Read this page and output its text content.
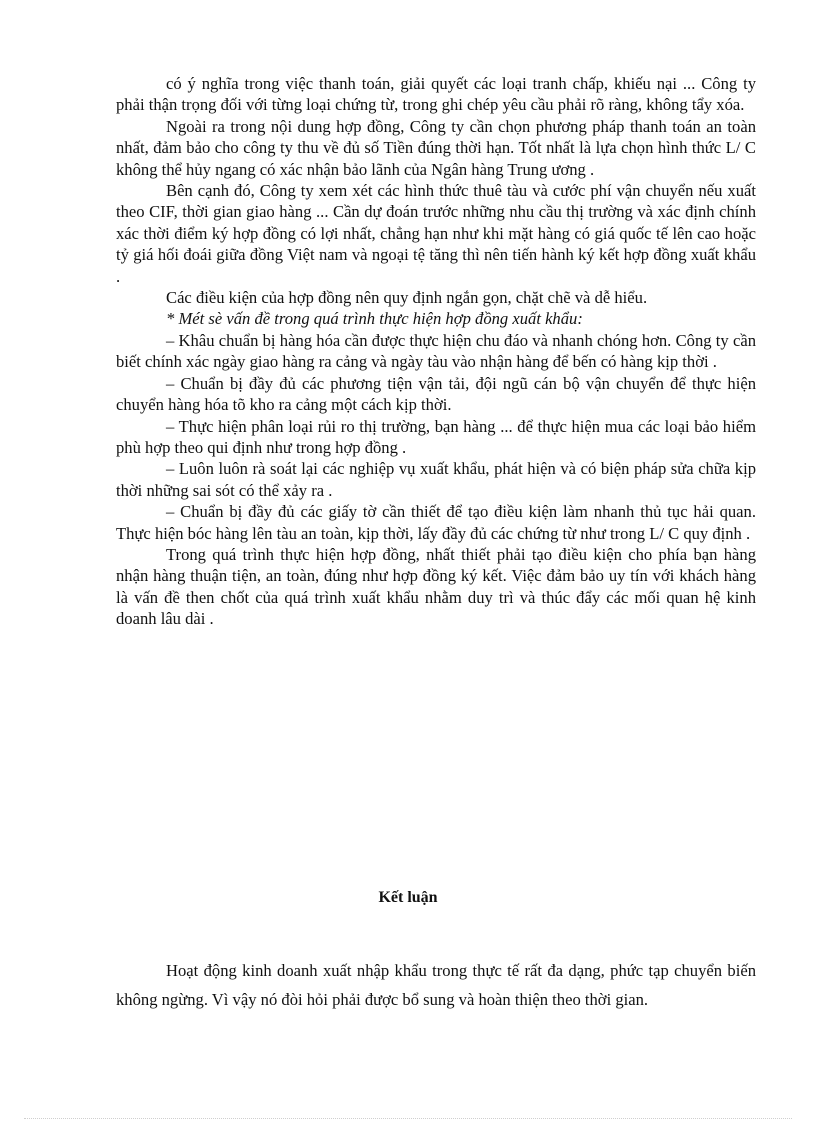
có ý nghĩa trong việc thanh toán, giải quyết các loại tranh chấp, khiếu nại ... Công ty phải thận trọng đối với từng loại chứng từ, trong ghi chép yêu cầu phải rõ ràng, không tẩy xóa.

Ngoài ra trong nội dung hợp đồng, Công ty cần chọn phương pháp thanh toán an toàn nhất, đảm bảo cho công ty thu về đủ số Tiền đúng thời hạn. Tốt nhất là lựa chọn hình thức L/ C không thể hủy ngang có xác nhận bảo lãnh của Ngân hàng Trung ương .

Bên cạnh đó, Công ty xem xét các hình thức thuê tàu và cước phí vận chuyển nếu xuất theo CIF, thời gian giao hàng ... Cần dự đoán trước những nhu cầu thị trường và xác định chính xác thời điểm ký hợp đồng có lợi nhất, chẳng hạn như khi mặt hàng có giá quốc tế lên cao hoặc tỷ giá hối đoái giữa đồng Việt nam và ngoại tệ tăng thì nên tiến hành ký kết hợp đồng xuất khẩu .

Các điều kiện của hợp đồng nên quy định ngắn gọn, chặt chẽ và dễ hiểu.

* Mét sè vấn đề trong quá trình thực hiện hợp đồng xuất khẩu:

– Khâu chuẩn bị hàng hóa cần được thực hiện chu đáo và nhanh chóng hơn. Công ty cần biết chính xác ngày giao hàng ra cảng và ngày tàu vào nhận hàng để bến có hàng kịp thời .

– Chuẩn bị đầy đủ các phương tiện vận tải, đội ngũ cán bộ vận chuyển để thực hiện chuyển hàng hóa tõ kho ra cảng một cách kịp thời.

– Thực hiện phân loại rủi ro thị trường, bạn hàng ... để thực hiện mua các loại bảo hiểm phù hợp theo qui định như trong hợp đồng .

– Luôn luôn rà soát lại các nghiệp vụ xuất khẩu, phát hiện và có biện pháp sửa chữa kịp thời những sai sót có thể xảy ra .

– Chuẩn bị đầy đủ các giấy tờ cần thiết để tạo điều kiện làm nhanh thủ tục hải quan. Thực hiện bóc hàng lên tàu an toàn, kịp thời, lấy đầy đủ các chứng từ như trong L/ C quy định .

Trong quá trình thực hiện hợp đồng, nhất thiết phải tạo điều kiện cho phía bạn hàng nhận hàng thuận tiện, an toàn, đúng như hợp đồng ký kết. Việc đảm bảo uy tín với khách hàng là vấn đề then chốt của quá trình xuất khẩu nhằm duy trì và thúc đẩy các mối quan hệ kinh doanh lâu dài .

Kết luận

Hoạt động kinh doanh xuất nhập khẩu trong thực tế rất đa dạng, phức tạp chuyển biến không ngừng. Vì vậy nó đòi hỏi phải được bổ sung và hoàn thiện theo thời gian.
